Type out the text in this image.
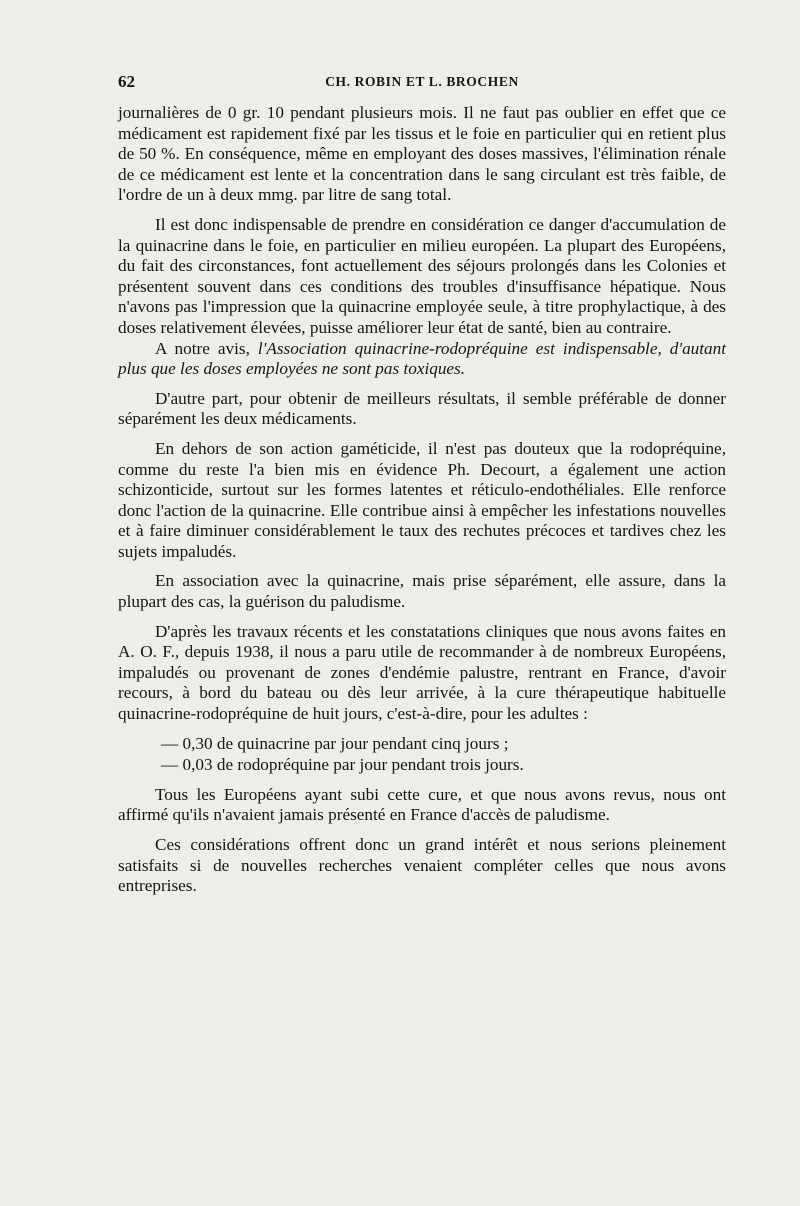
62	CH. ROBIN ET L. BROCHEN

journalières de 0 gr. 10 pendant plusieurs mois. Il ne faut pas oublier en effet que ce médicament est rapidement fixé par les tissus et le foie en particulier qui en retient plus de 50 %. En conséquence, même en employant des doses massives, l'élimination rénale de ce médicament est lente et la concentration dans le sang circulant est très faible, de l'ordre de un à deux mmg. par litre de sang total.

Il est donc indispensable de prendre en considération ce danger d'accumulation de la quinacrine dans le foie, en particulier en milieu européen. La plupart des Européens, du fait des circonstances, font actuellement des séjours prolongés dans les Colonies et présentent souvent dans ces conditions des troubles d'insuffisance hépatique. Nous n'avons pas l'impression que la quinacrine employée seule, à titre prophylactique, à des doses relativement élevées, puisse améliorer leur état de santé, bien au contraire.

A notre avis, l'Association quinacrine-rodopréquine est indispensable, d'autant plus que les doses employées ne sont pas toxiques.

D'autre part, pour obtenir de meilleurs résultats, il semble préférable de donner séparément les deux médicaments.

En dehors de son action gaméticide, il n'est pas douteux que la rodopréquine, comme du reste l'a bien mis en évidence Ph. Decourt, a également une action schizonticide, surtout sur les formes latentes et réticulo-endothéliales. Elle renforce donc l'action de la quinacrine. Elle contribue ainsi à empêcher les infestations nouvelles et à faire diminuer considérablement le taux des rechutes précoces et tardives chez les sujets impaludés.

En association avec la quinacrine, mais prise séparément, elle assure, dans la plupart des cas, la guérison du paludisme.

D'après les travaux récents et les constatations cliniques que nous avons faites en A. O. F., depuis 1938, il nous a paru utile de recommander à de nombreux Européens, impaludés ou provenant de zones d'endémie palustre, rentrant en France, d'avoir recours, à bord du bateau ou dès leur arrivée, à la cure thérapeutique habituelle quinacrine-rodopréquine de huit jours, c'est-à-dire, pour les adultes :

— 0,30 de quinacrine par jour pendant cinq jours ;

— 0,03 de rodopréquine par jour pendant trois jours.

Tous les Européens ayant subi cette cure, et que nous avons revus, nous ont affirmé qu'ils n'avaient jamais présenté en France d'accès de paludisme.

Ces considérations offrent donc un grand intérêt et nous serions pleinement satisfaits si de nouvelles recherches venaient compléter celles que nous avons entreprises.
